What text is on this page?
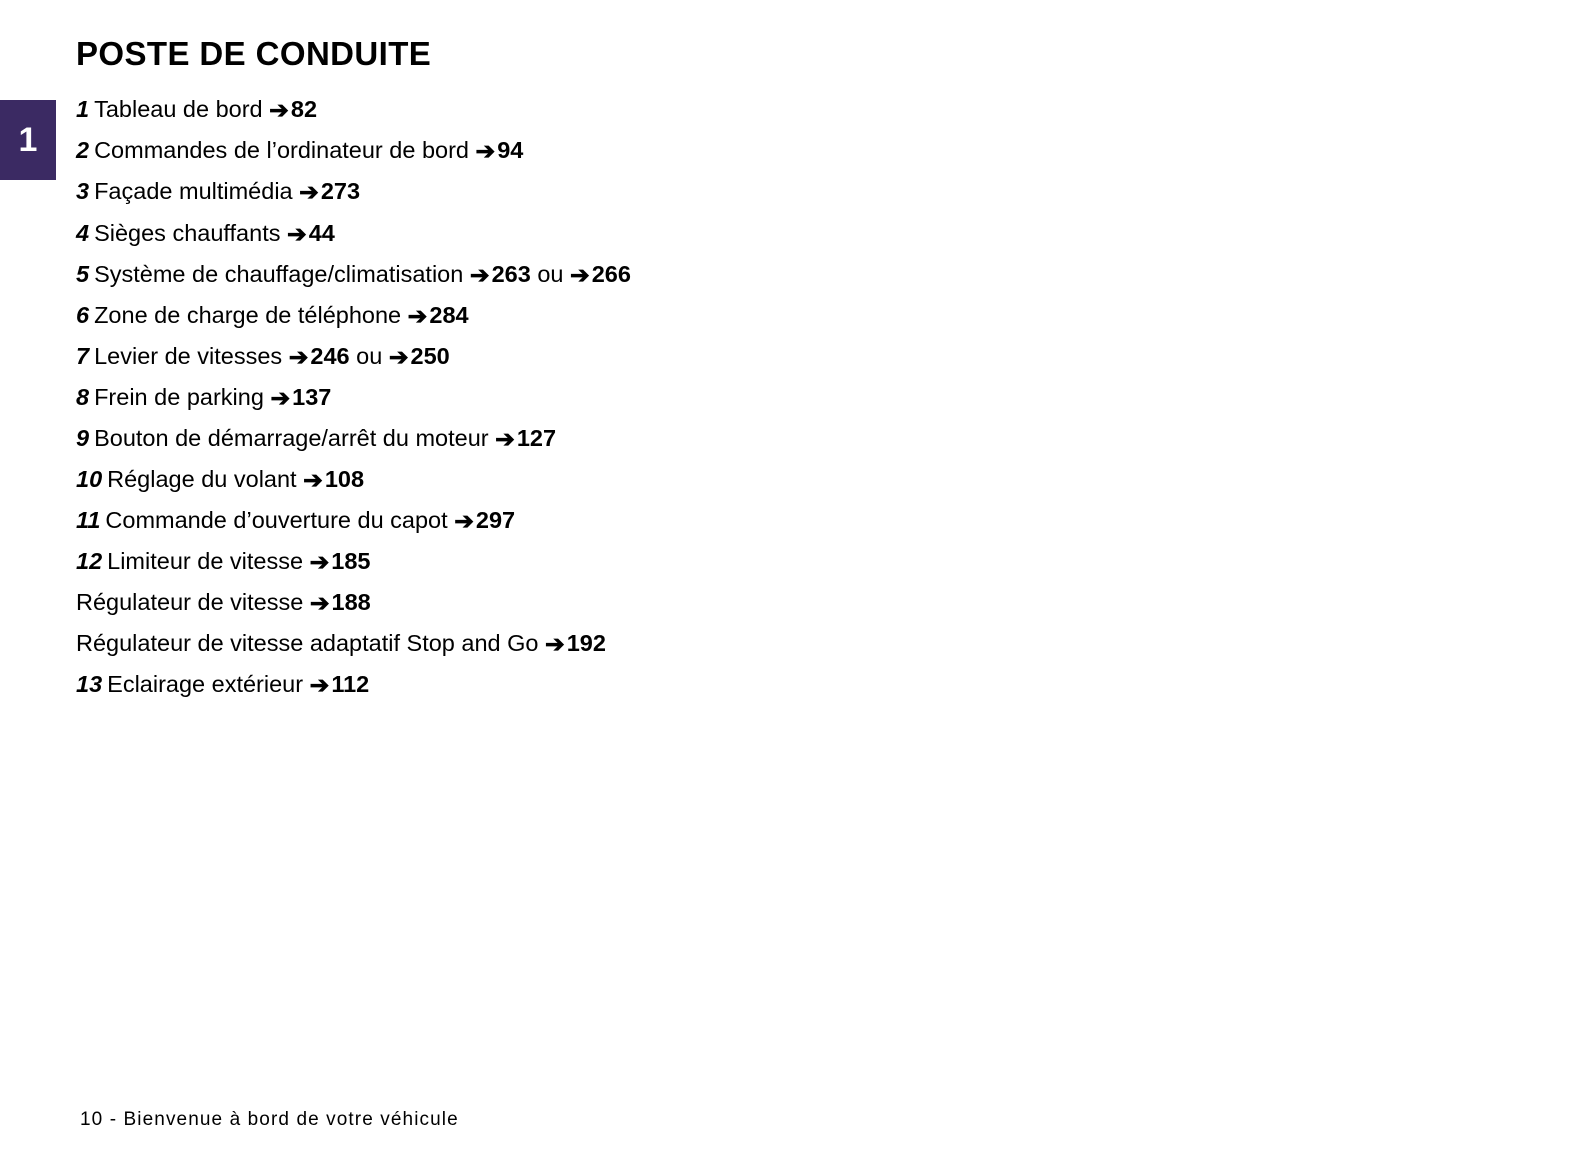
1
POSTE DE CONDUITE
1 Tableau de bord ➔82
2 Commandes de l’ordinateur de bord ➔94
3 Façade multimédia ➔273
4 Sièges chauffants ➔44
5 Système de chauffage/climatisation ➔263 ou ➔266
6 Zone de charge de téléphone ➔284
7 Levier de vitesses ➔246 ou ➔250
8 Frein de parking ➔137
9 Bouton de démarrage/arrêt du moteur ➔127
10 Réglage du volant ➔108
11 Commande d’ouverture du capot ➔297
12 Limiteur de vitesse ➔185
Régulateur de vitesse ➔188
Régulateur de vitesse adaptatif Stop and Go ➔192
13 Eclairage extérieur ➔112
10 - Bienvenue à bord de votre véhicule
